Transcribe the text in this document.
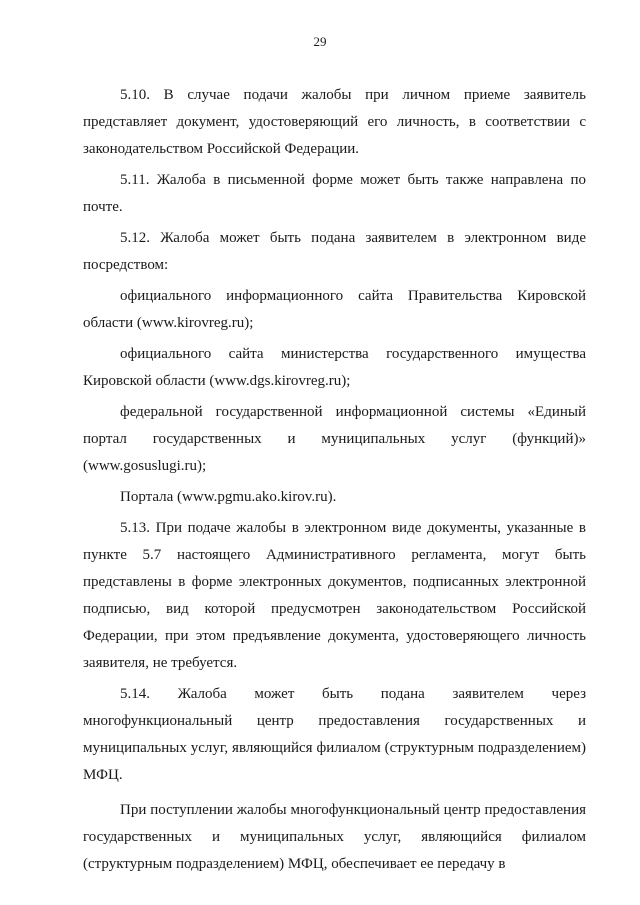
29

5.10. В случае подачи жалобы при личном приеме заявитель представляет документ, удостоверяющий его личность, в соответствии с законодательством Российской Федерации.

5.11. Жалоба в письменной форме может быть также направлена по почте.

5.12. Жалоба может быть подана заявителем в электронном виде посредством:

официального информационного сайта Правительства Кировской области (www.kirovreg.ru);

официального сайта министерства государственного имущества Кировской области (www.dgs.kirovreg.ru);

федеральной государственной информационной системы «Единый портал государственных и муниципальных услуг (функций)» (www.gosuslugi.ru);

Портала (www.pgmu.ako.kirov.ru).

5.13. При подаче жалобы в электронном виде документы, указанные в пункте 5.7 настоящего Административного регламента, могут быть представлены в форме электронных документов, подписанных электронной подписью, вид которой предусмотрен законодательством Российской Федерации, при этом предъявление документа, удостоверяющего личность заявителя, не требуется.

5.14. Жалоба может быть подана заявителем через многофункциональный центр предоставления государственных и муниципальных услуг, являющийся филиалом (структурным подразделением) МФЦ.

При поступлении жалобы многофункциональный центр предоставления государственных и муниципальных услуг, являющийся филиалом (структурным подразделением) МФЦ, обеспечивает ее передачу в
